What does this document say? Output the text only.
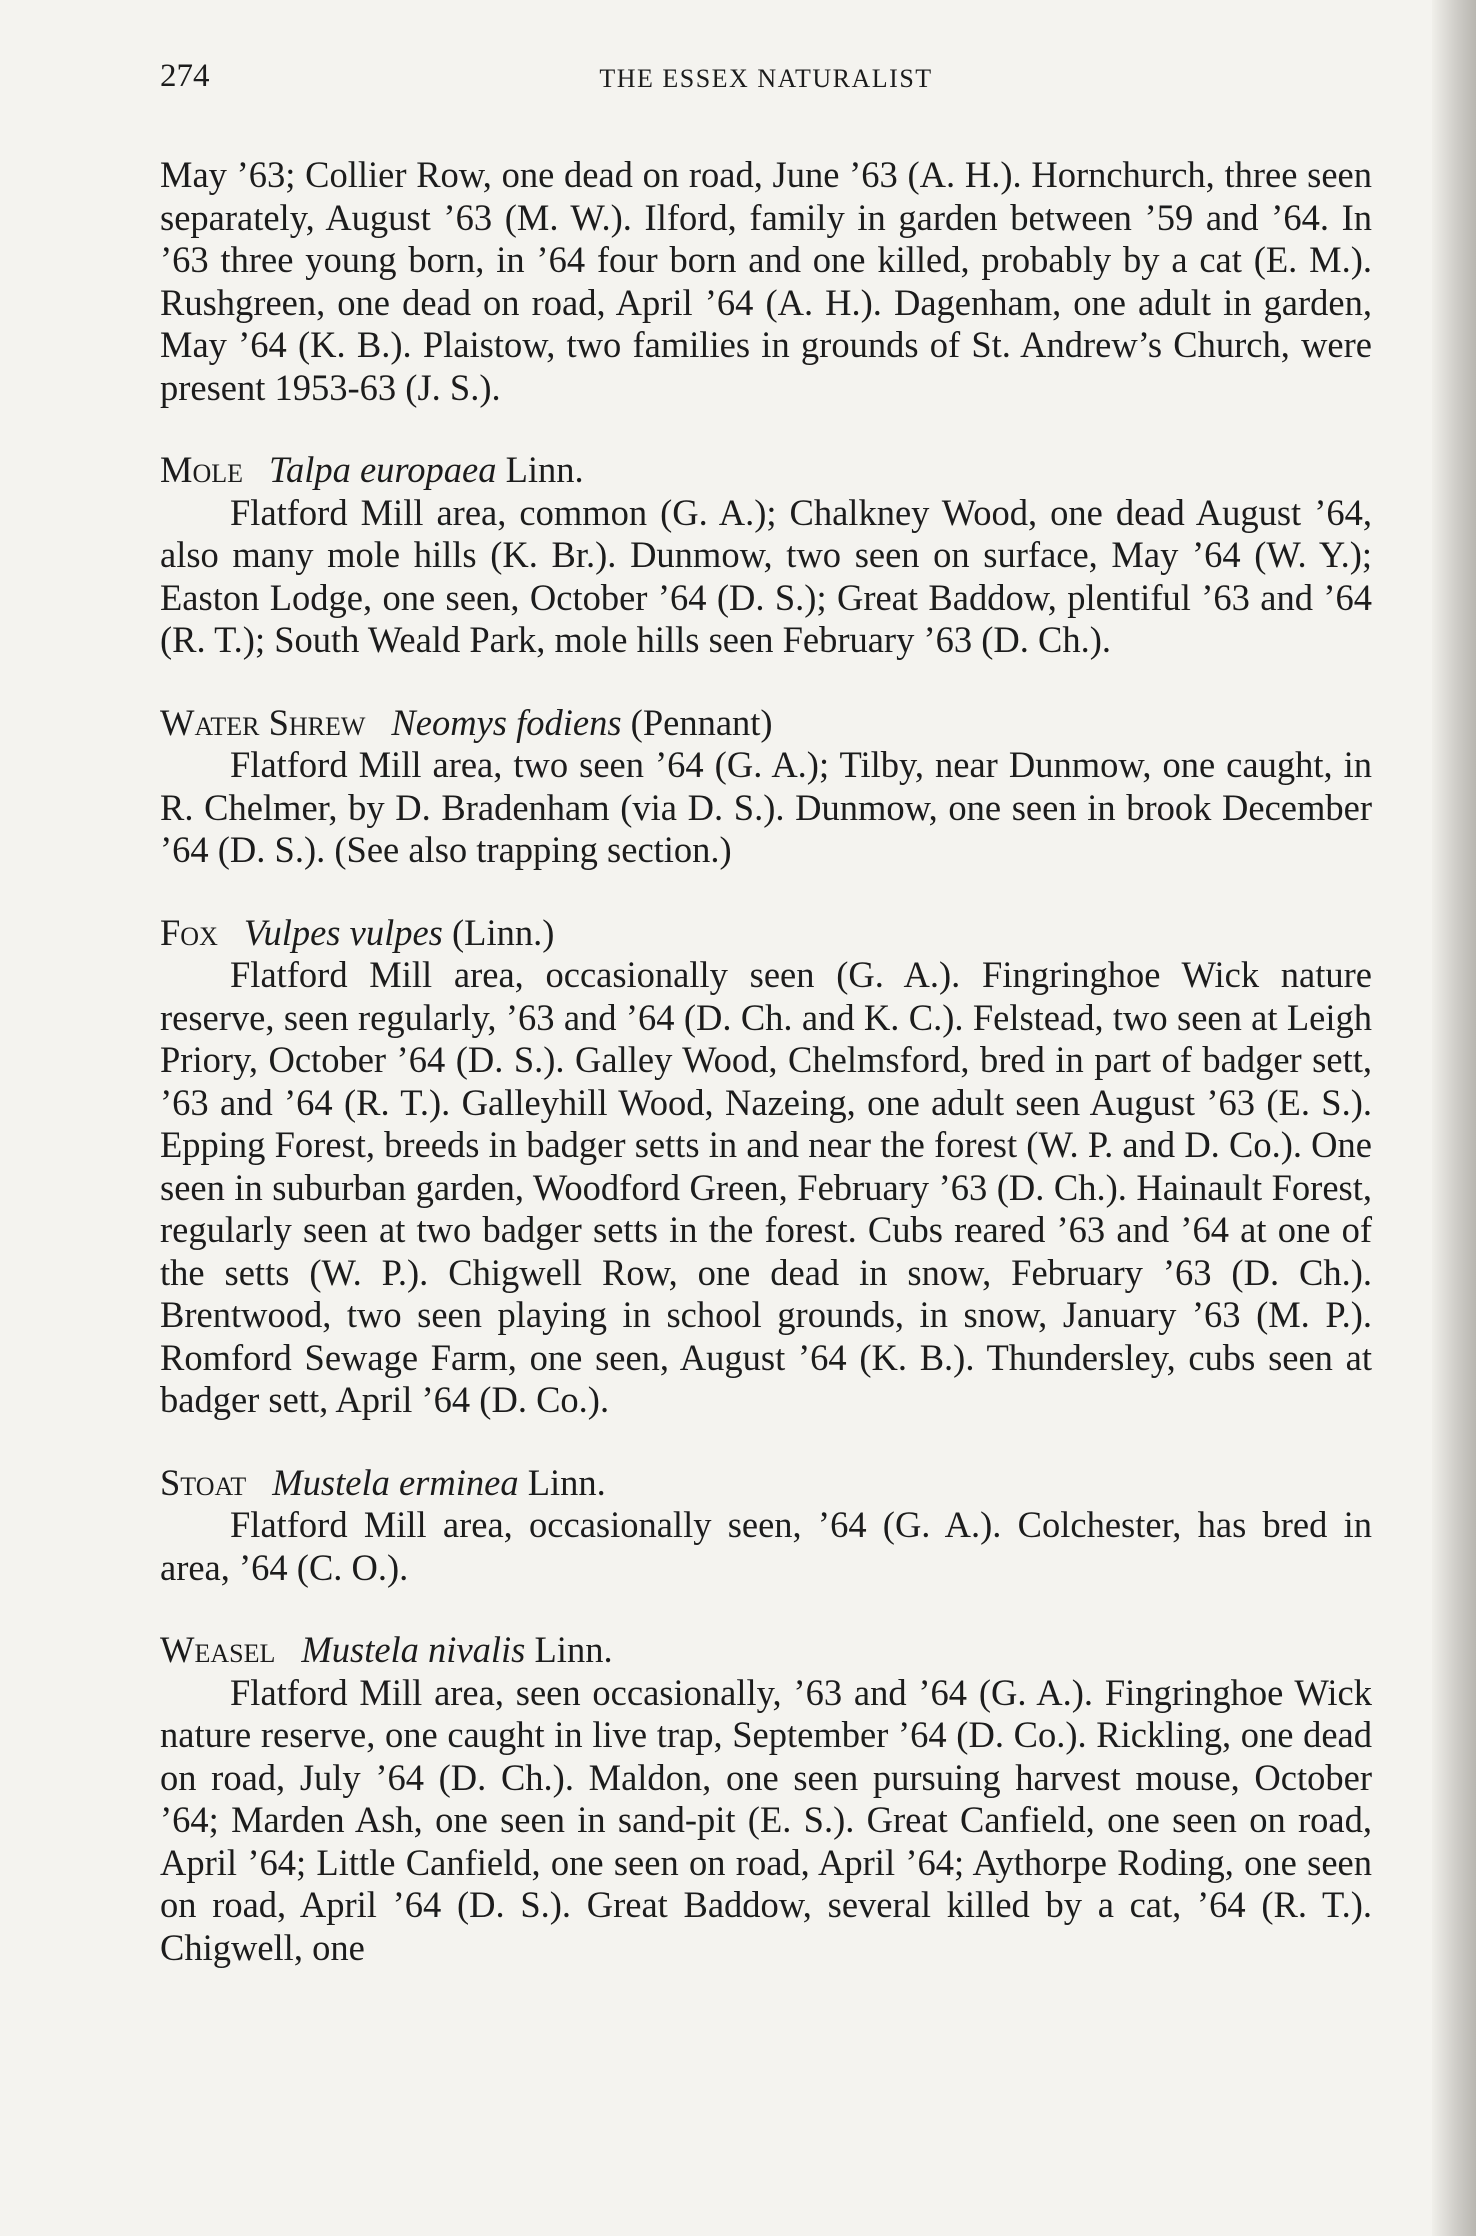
274	THE ESSEX NATURALIST

May ’63; Collier Row, one dead on road, June ’63 (A. H.). Hornchurch, three seen separately, August ’63 (M. W.). Ilford, family in garden between ’59 and ’64. In ’63 three young born, in ’64 four born and one killed, probably by a cat (E. M.). Rushgreen, one dead on road, April ’64 (A. H.). Dagenham, one adult in garden, May ’64 (K. B.). Plaistow, two families in grounds of St. Andrew’s Church, were present 1953-63 (J. S.).

Mole Talpa europaea Linn.

Flatford Mill area, common (G. A.); Chalkney Wood, one dead August ’64, also many mole hills (K. Br.). Dunmow, two seen on surface, May ’64 (W. Y.); Easton Lodge, one seen, October ’64 (D. S.); Great Baddow, plentiful ’63 and ’64 (R. T.); South Weald Park, mole hills seen February ’63 (D. Ch.).

Water Shrew Neomys fodiens (Pennant)

Flatford Mill area, two seen ’64 (G. A.); Tilby, near Dunmow, one caught, in R. Chelmer, by D. Bradenham (via D. S.). Dunmow, one seen in brook December ’64 (D. S.). (See also trapping section.)

Fox Vulpes vulpes (Linn.)

Flatford Mill area, occasionally seen (G. A.). Fingringhoe Wick nature reserve, seen regularly, ’63 and ’64 (D. Ch. and K. C.). Felstead, two seen at Leigh Priory, October ’64 (D. S.). Galley Wood, Chelmsford, bred in part of badger sett, ’63 and ’64 (R. T.). Galleyhill Wood, Nazeing, one adult seen August ’63 (E. S.). Epping Forest, breeds in badger setts in and near the forest (W. P. and D. Co.). One seen in suburban garden, Woodford Green, February ’63 (D. Ch.). Hainault Forest, regularly seen at two badger setts in the forest. Cubs reared ’63 and ’64 at one of the setts (W. P.). Chigwell Row, one dead in snow, February ’63 (D. Ch.). Brentwood, two seen playing in school grounds, in snow, January ’63 (M. P.). Romford Sewage Farm, one seen, August ’64 (K. B.). Thundersley, cubs seen at badger sett, April ’64 (D. Co.).

Stoat Mustela erminea Linn.

Flatford Mill area, occasionally seen, ’64 (G. A.). Colchester, has bred in area, ’64 (C. O.).

Weasel Mustela nivalis Linn.

Flatford Mill area, seen occasionally, ’63 and ’64 (G. A.). Fingringhoe Wick nature reserve, one caught in live trap, September ’64 (D. Co.). Rickling, one dead on road, July ’64 (D. Ch.). Maldon, one seen pursuing harvest mouse, October ’64; Marden Ash, one seen in sand-pit (E. S.). Great Canfield, one seen on road, April ’64; Little Canfield, one seen on road, April ’64; Aythorpe Roding, one seen on road, April ’64 (D. S.). Great Baddow, several killed by a cat, ’64 (R. T.). Chigwell, one
